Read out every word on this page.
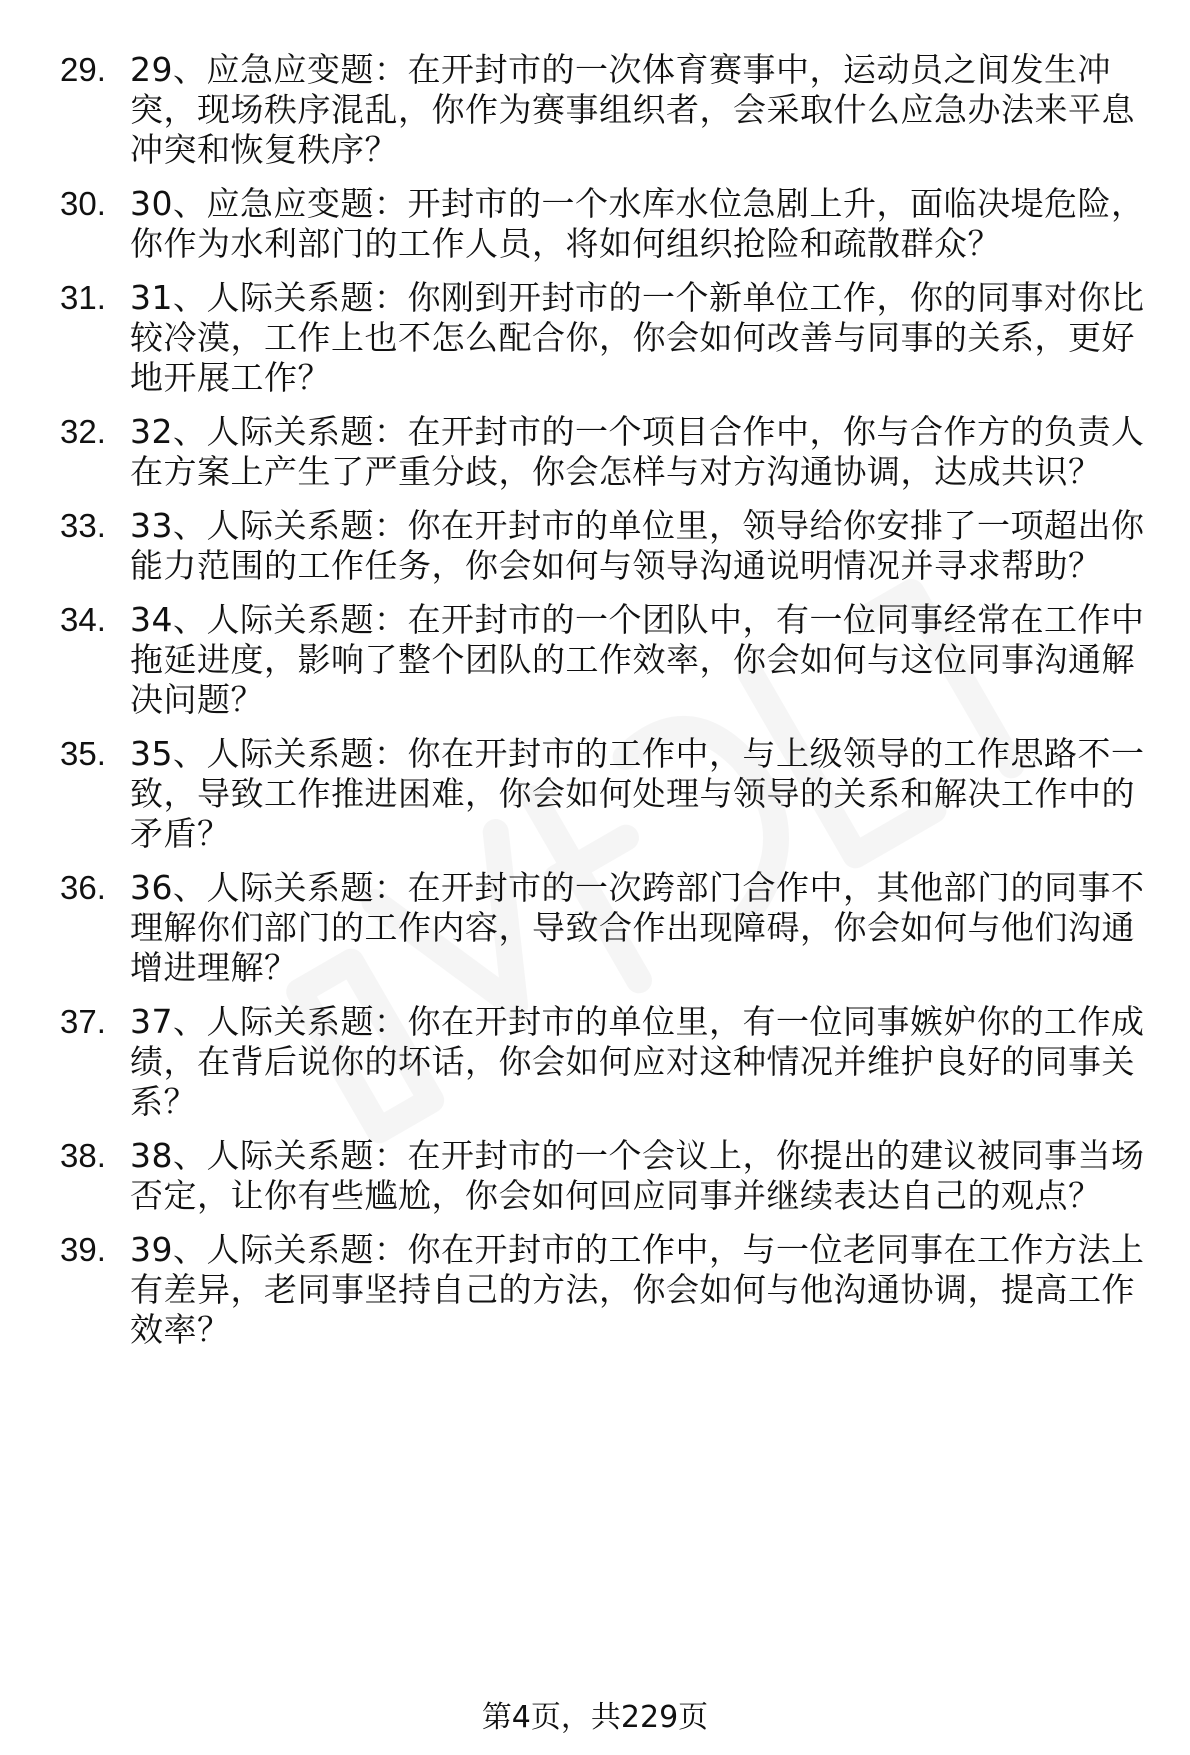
29. 29、应急应变题：在开封市的一次体育赛事中，运动员之间发生冲突，现场秩序混乱，你作为赛事组织者，会采取什么应急办法来平息冲突和恢复秩序？
30. 30、应急应变题：开封市的一个水库水位急剧上升，面临决堤危险，你作为水利部门的工作人员，将如何组织抢险和疏散群众？
31. 31、人际关系题：你刚到开封市的一个新单位工作，你的同事对你比较冷漠，工作上也不怎么配合你，你会如何改善与同事的关系，更好地开展工作？
32. 32、人际关系题：在开封市的一个项目合作中，你与合作方的负责人在方案上产生了严重分歧，你会怎样与对方沟通协调，达成共识？
33. 33、人际关系题：你在开封市的单位里，领导给你安排了一项超出你能力范围的工作任务，你会如何与领导沟通说明情况并寻求帮助？
34. 34、人际关系题：在开封市的一个团队中，有一位同事经常在工作中拖延进度，影响了整个团队的工作效率，你会如何与这位同事沟通解决问题？
35. 35、人际关系题：你在开封市的工作中，与上级领导的工作思路不一致，导致工作推进困难，你会如何处理与领导的关系和解决工作中的矛盾？
36. 36、人际关系题：在开封市的一次跨部门合作中，其他部门的同事不理解你们部门的工作内容，导致合作出现障碍，你会如何与他们沟通增进理解？
37. 37、人际关系题：你在开封市的单位里，有一位同事嫉妒你的工作成绩，在背后说你的坏话，你会如何应对这种情况并维护良好的同事关系？
38. 38、人际关系题：在开封市的一个会议上，你提出的建议被同事当场否定，让你有些尴尬，你会如何回应同事并继续表达自己的观点？
39. 39、人际关系题：你在开封市的工作中，与一位老同事在工作方法上有差异，老同事坚持自己的方法，你会如何与他沟通协调，提高工作效率？
第4页，共229页
